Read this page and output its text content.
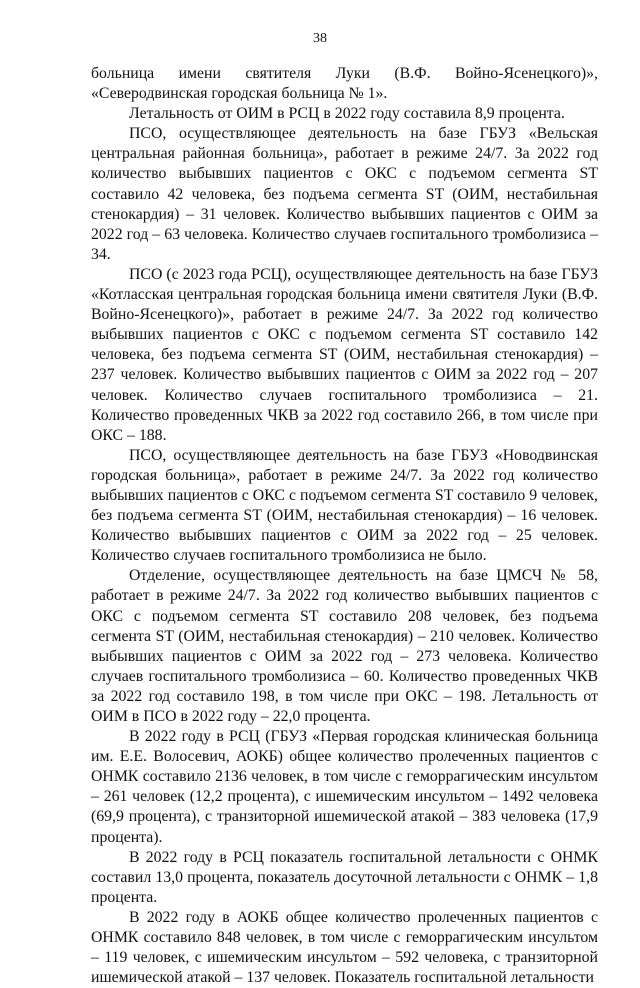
38

больница имени святителя Луки (В.Ф. Войно-Ясенецкого)», «Северодвинская городская больница № 1».

Летальность от ОИМ в РСЦ в 2022 году составила 8,9 процента.

ПСО, осуществляющее деятельность на базе ГБУЗ «Вельская центральная районная больница», работает в режиме 24/7. За 2022 год количество выбывших пациентов с ОКС с подъемом сегмента ST составило 42 человека, без подъема сегмента ST (ОИМ, нестабильная стенокардия) – 31 человек. Количество выбывших пациентов с ОИМ за 2022 год – 63 человека. Количество случаев госпитального тромболизиса – 34.

ПСО (с 2023 года РСЦ), осуществляющее деятельность на базе ГБУЗ «Котласская центральная городская больница имени святителя Луки (В.Ф. Войно-Ясенецкого)», работает в режиме 24/7. За 2022 год количество выбывших пациентов с ОКС с подъемом сегмента ST составило 142 человека, без подъема сегмента ST (ОИМ, нестабильная стенокардия) – 237 человек. Количество выбывших пациентов с ОИМ за 2022 год – 207 человек. Количество случаев госпитального тромболизиса – 21. Количество проведенных ЧКВ за 2022 год составило 266, в том числе при ОКС – 188.

ПСО, осуществляющее деятельность на базе ГБУЗ «Новодвинская городская больница», работает в режиме 24/7. За 2022 год количество выбывших пациентов с ОКС с подъемом сегмента ST составило 9 человек, без подъема сегмента ST (ОИМ, нестабильная стенокардия) – 16 человек. Количество выбывших пациентов с ОИМ за 2022 год – 25 человек. Количество случаев госпитального тромболизиса не было.

Отделение, осуществляющее деятельность на базе ЦМСЧ № 58, работает в режиме 24/7. За 2022 год количество выбывших пациентов с ОКС с подъемом сегмента ST составило 208 человек, без подъема сегмента ST (ОИМ, нестабильная стенокардия) – 210 человек. Количество выбывших пациентов с ОИМ за 2022 год – 273 человека. Количество случаев госпитального тромболизиса – 60. Количество проведенных ЧКВ за 2022 год составило 198, в том числе при ОКС – 198. Летальность от ОИМ в ПСО в 2022 году – 22,0 процента.

В 2022 году в РСЦ (ГБУЗ «Первая городская клиническая больница им. Е.Е. Волосевич, АОКБ) общее количество пролеченных пациентов с ОНМК составило 2136 человек, в том числе с геморрагическим инсультом – 261 человек (12,2 процента), с ишемическим инсультом – 1492 человека (69,9 процента), с транзиторной ишемической атакой – 383 человека (17,9 процента).

В 2022 году в РСЦ показатель госпитальной летальности с ОНМК составил 13,0 процента, показатель досуточной летальности с ОНМК – 1,8 процента.

В 2022 году в АОКБ общее количество пролеченных пациентов с ОНМК составило 848 человек, в том числе с геморрагическим инсультом – 119 человек, с ишемическим инсультом – 592 человека, с транзиторной ишемической атакой – 137 человек. Показатель госпитальной летальности
